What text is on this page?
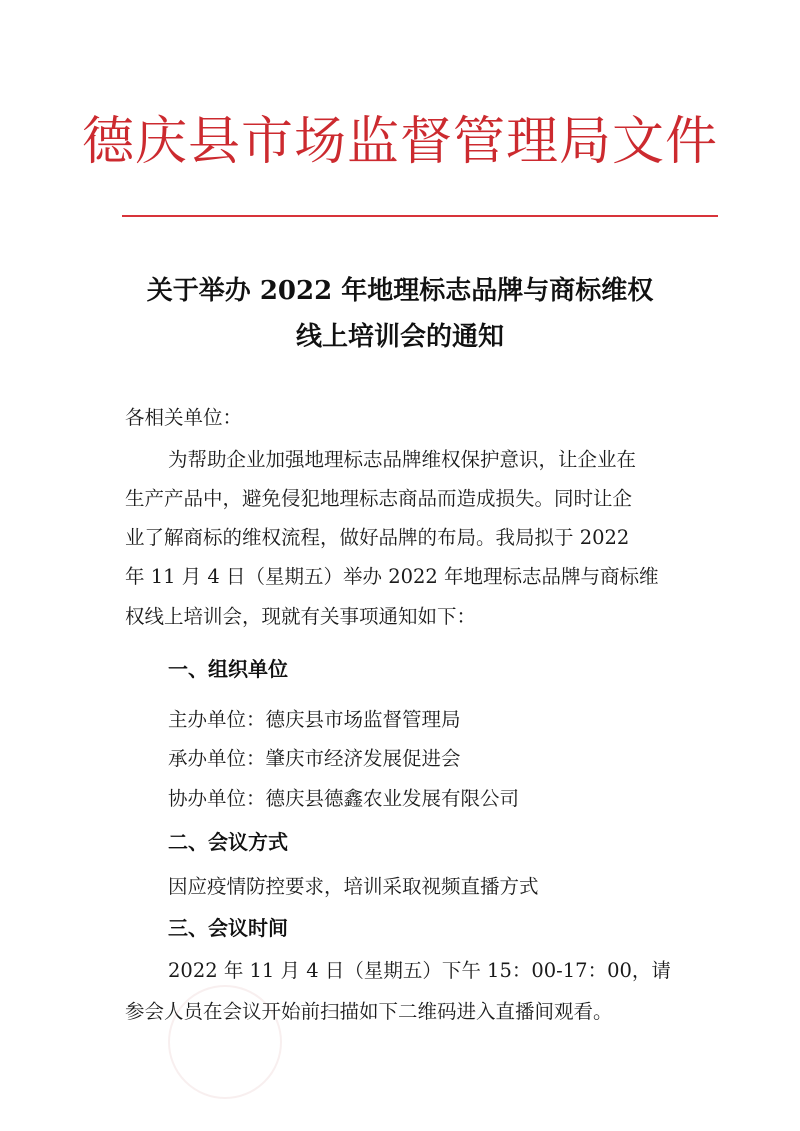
德庆县市场监督管理局文件
关于举办 2022 年地理标志品牌与商标维权
线上培训会的通知
各相关单位：
为帮助企业加强地理标志品牌维权保护意识，让企业在
生产产品中，避免侵犯地理标志商品而造成损失。同时让企
业了解商标的维权流程，做好品牌的布局。我局拟于 2022
年 11 月 4 日（星期五）举办 2022 年地理标志品牌与商标维
权线上培训会，现就有关事项通知如下：
一、组织单位
主办单位：德庆县市场监督管理局
承办单位：肇庆市经济发展促进会
协办单位：德庆县德鑫农业发展有限公司
二、会议方式
因应疫情防控要求，培训采取视频直播方式
三、会议时间
2022 年 11 月 4 日（星期五）下午 15：00-17：00，请
参会人员在会议开始前扫描如下二维码进入直播间观看。
